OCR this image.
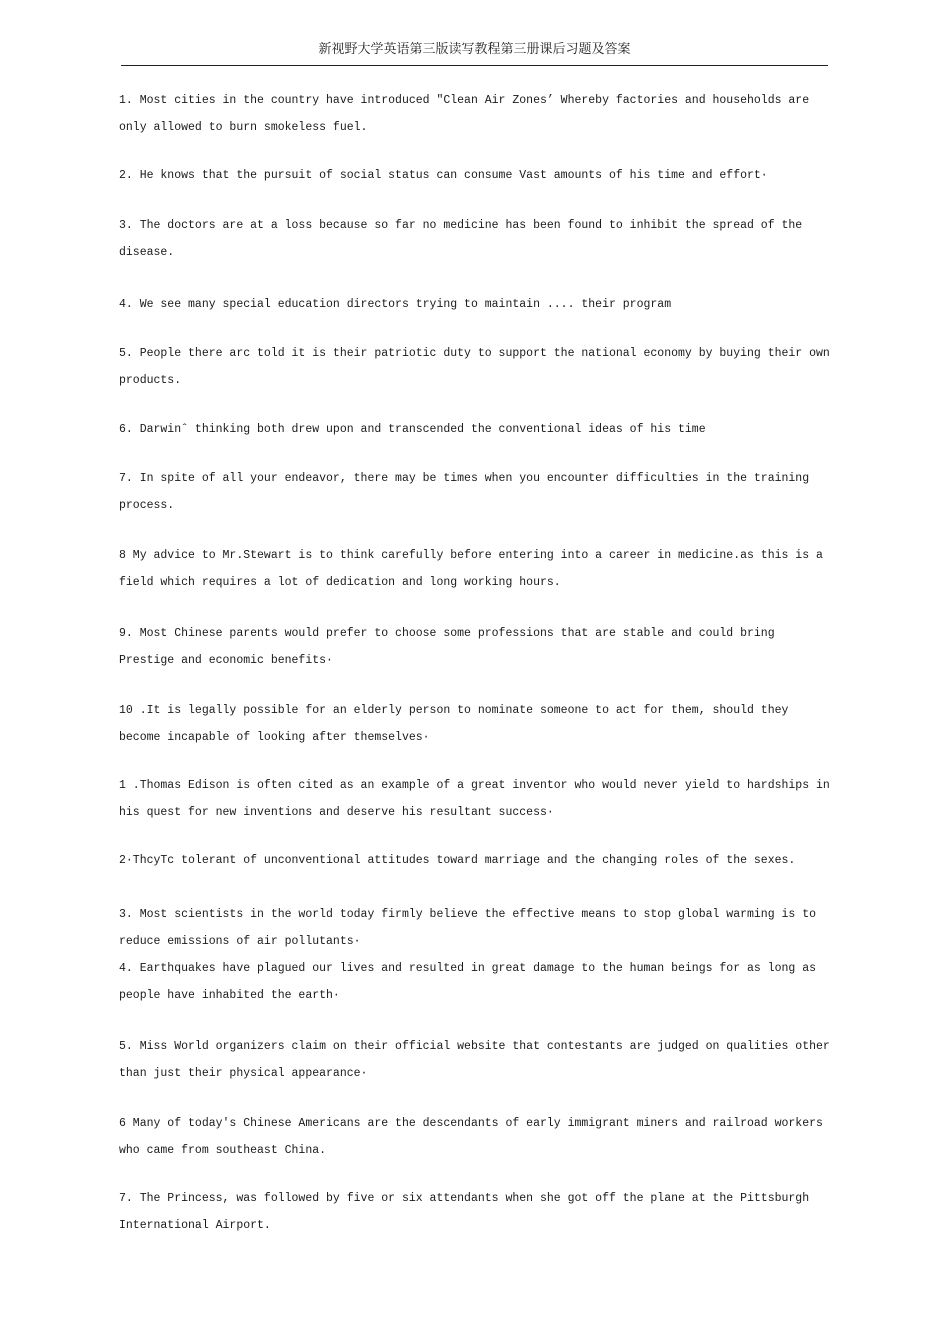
新视野大学英语第三版读写教程第三册课后习题及答案

1. Most cities in the country have introduced "Clean Air Zones’ Whereby factories and households are only allowed to burn smokeless fuel.

2. He knows that the pursuit of social status can consume Vast amounts of his time and effort·

3. The doctors are at a loss because so far no medicine has been found to inhibit the spread of the disease.

4. We see many special education directors trying to maintain .... their program

5. People there arc told it is their patriotic duty to support the national economy by buying their own products.

6. Darwinˆ thinking both drew upon and transcended the conventional ideas of his time

7. In spite of all your endeavor, there may be times when you encounter difficulties in the training process.

8 My advice to Mr.Stewart is to think carefully before entering into a career in medicine.as this is a field which requires a lot of dedication and long working hours.

9. Most Chinese parents would prefer to choose some professions that are stable and could bring Prestige and economic benefits·

10 .It is legally possible for an elderly person to nominate someone to act for them, should they become incapable of looking after themselves·

1 .Thomas Edison is often cited as an example of a great inventor who would never yield to hardships in his quest for new inventions and deserve his resultant success·

2·ThcyTc tolerant of unconventional attitudes toward marriage and the changing roles of the sexes.

3. Most scientists in the world today firmly believe the effective means to stop global warming is to reduce emissions of air pollutants·

4. Earthquakes have plagued our lives and resulted in great damage to the human beings for as long as people have inhabited the earth·

5. Miss World organizers claim on their official website that contestants are judged on qualities other than just their physical appearance·

6 Many of today's Chinese Americans are the descendants of early immigrant miners and railroad workers who came from southeast China.

7. The Princess, was followed by five or six attendants when she got off the plane at the Pittsburgh International Airport.
